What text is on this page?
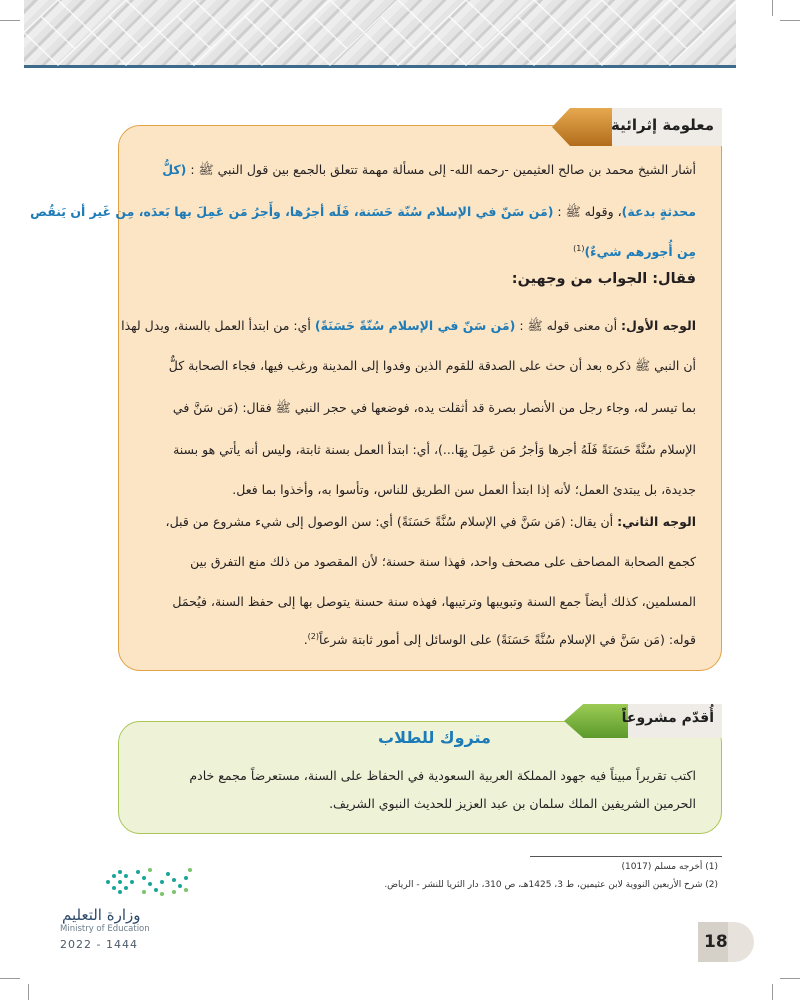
معلومة إثرائية
أشار الشيخ محمد بن صالح العثيمين -رحمه الله- إلى مسألة مهمة تتعلق بالجمع بين قول النبي ﷺ : (كلُّ
محدثةٍ بدعة)، وقوله ﷺ : (مَن سَنّ في الإسلام سُنّة حَسَنة، فَلَه أجرُها، وأَجرُ مَن عَمِلَ بها بَعدَه، مِن غَير أن يَنقُص
مِن أُجورهم شيءٌ)$^{(1)}$
فقال: الجواب من وجهين:
الوجه الأول: أن معنى قوله ﷺ : (مَن سَنّ في الإسلام سُنّةً حَسَنَةً) أي: من ابتدأ العمل بالسنة، ويدل لهذا
أن النبي ﷺ ذكره بعد أن حث على الصدقة للقوم الذين وفدوا إلى المدينة ورغب فيها، فجاء الصحابة كلٌّ
بما تيسر له، وجاء رجل من الأنصار بصرة قد أثقلت يده، فوضعها في حجر النبي ﷺ فقال: (مَن سَنَّ في
الإسلام سُنَّةً حَسَنَةً فَلَهُ أجرها وَأجرُ مَن عَمِلَ بِهَا...)، أي: ابتدأ العمل بسنة ثابتة، وليس أنه يأتي هو بسنة
جديدة، بل يبتدئ العمل؛ لأنه إذا ابتدأ العمل سن الطريق للناس، وتأسوا به، وأخذوا بما فعل.
الوجه الثاني: أن يقال: (مَن سَنَّ في الإسلام سُنَّةً حَسَنَةً) أي: سن الوصول إلى شيء مشروع من قبل،
كجمع الصحابة المصاحف على مصحف واحد، فهذا سنة حسنة؛ لأن المقصود من ذلك منع التفرق بين
المسلمين، كذلك أيضاً جمع السنة وتبويبها وترتيبها، فهذه سنة حسنة يتوصل بها إلى حفظ السنة، فيُحمَل
قوله: (مَن سَنَّ في الإسلام سُنَّةً حَسَنَةً) على الوسائل إلى أمور ثابتة شرعاً$^{(2)}$.
أُقدّم مشروعاً
متروك للطلاب
اكتب تقريراً مبيناً فيه جهود المملكة العربية السعودية في الحفاظ على السنة، مستعرضاً مجمع خادم
الحرمين الشريفين الملك سلمان بن عبد العزيز للحديث النبوي الشريف.
(1) أخرجه مسلم (1017)
(2) شرح الأربعين النووية لابن عثيمين، ط 3، 1425هـ، ص 310، دار الثريا للنشر - الرياض.
وزارة التعليم
Ministry of Education
2022 - 1444	18
